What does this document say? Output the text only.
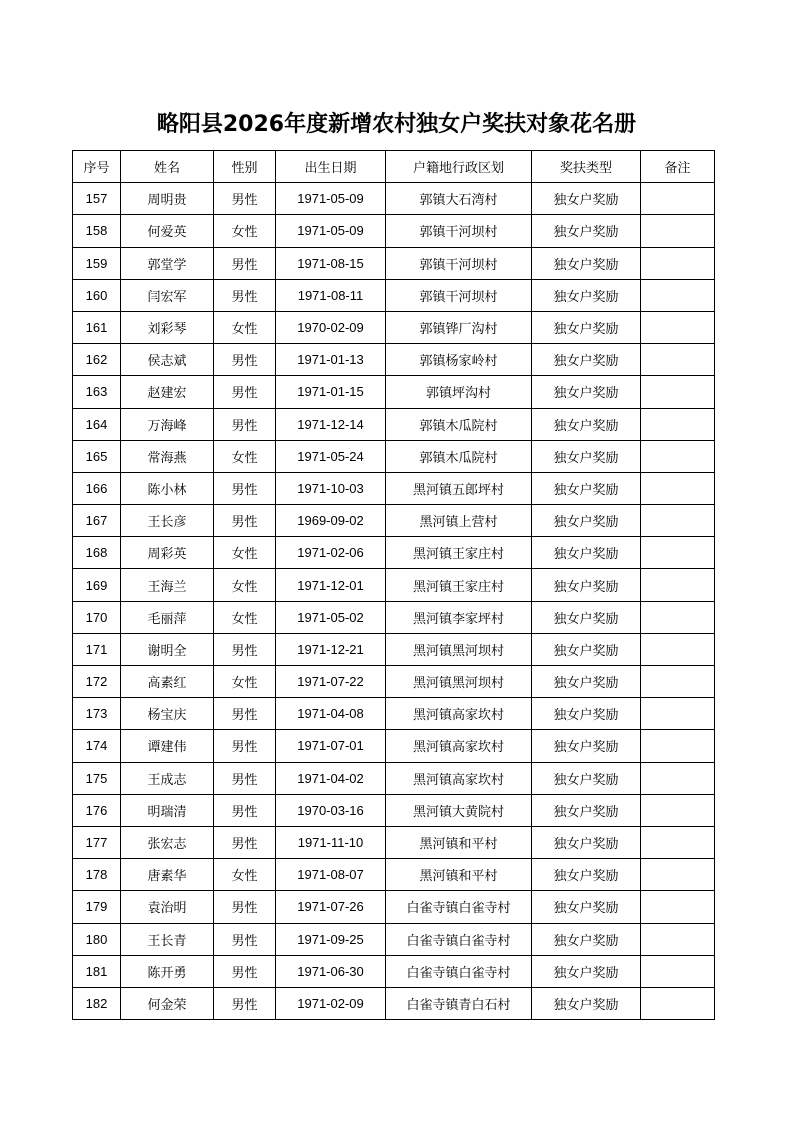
略阳县2026年度新增农村独女户奖扶对象花名册
序号	姓名	性别	出生日期	户籍地行政区划	奖扶类型	备注
157	周明贵	男性	1971-05-09	郭镇大石湾村	独女户奖励	
158	何爱英	女性	1971-05-09	郭镇干河坝村	独女户奖励	
159	郭堂学	男性	1971-08-15	郭镇干河坝村	独女户奖励	
160	闫宏军	男性	1971-08-11	郭镇干河坝村	独女户奖励	
161	刘彩琴	女性	1970-02-09	郭镇铧厂沟村	独女户奖励	
162	侯志斌	男性	1971-01-13	郭镇杨家岭村	独女户奖励	
163	赵建宏	男性	1971-01-15	郭镇坪沟村	独女户奖励	
164	万海峰	男性	1971-12-14	郭镇木瓜院村	独女户奖励	
165	常海燕	女性	1971-05-24	郭镇木瓜院村	独女户奖励	
166	陈小林	男性	1971-10-03	黑河镇五郎坪村	独女户奖励	
167	王长彦	男性	1969-09-02	黑河镇上营村	独女户奖励	
168	周彩英	女性	1971-02-06	黑河镇王家庄村	独女户奖励	
169	王海兰	女性	1971-12-01	黑河镇王家庄村	独女户奖励	
170	毛丽萍	女性	1971-05-02	黑河镇李家坪村	独女户奖励	
171	谢明全	男性	1971-12-21	黑河镇黑河坝村	独女户奖励	
172	高素红	女性	1971-07-22	黑河镇黑河坝村	独女户奖励	
173	杨宝庆	男性	1971-04-08	黑河镇高家坎村	独女户奖励	
174	谭建伟	男性	1971-07-01	黑河镇高家坎村	独女户奖励	
175	王成志	男性	1971-04-02	黑河镇高家坎村	独女户奖励	
176	明瑞清	男性	1970-03-16	黑河镇大黄院村	独女户奖励	
177	张宏志	男性	1971-11-10	黑河镇和平村	独女户奖励	
178	唐素华	女性	1971-08-07	黑河镇和平村	独女户奖励	
179	袁治明	男性	1971-07-26	白雀寺镇白雀寺村	独女户奖励	
180	王长青	男性	1971-09-25	白雀寺镇白雀寺村	独女户奖励	
181	陈开勇	男性	1971-06-30	白雀寺镇白雀寺村	独女户奖励	
182	何金荣	男性	1971-02-09	白雀寺镇青白石村	独女户奖励	
